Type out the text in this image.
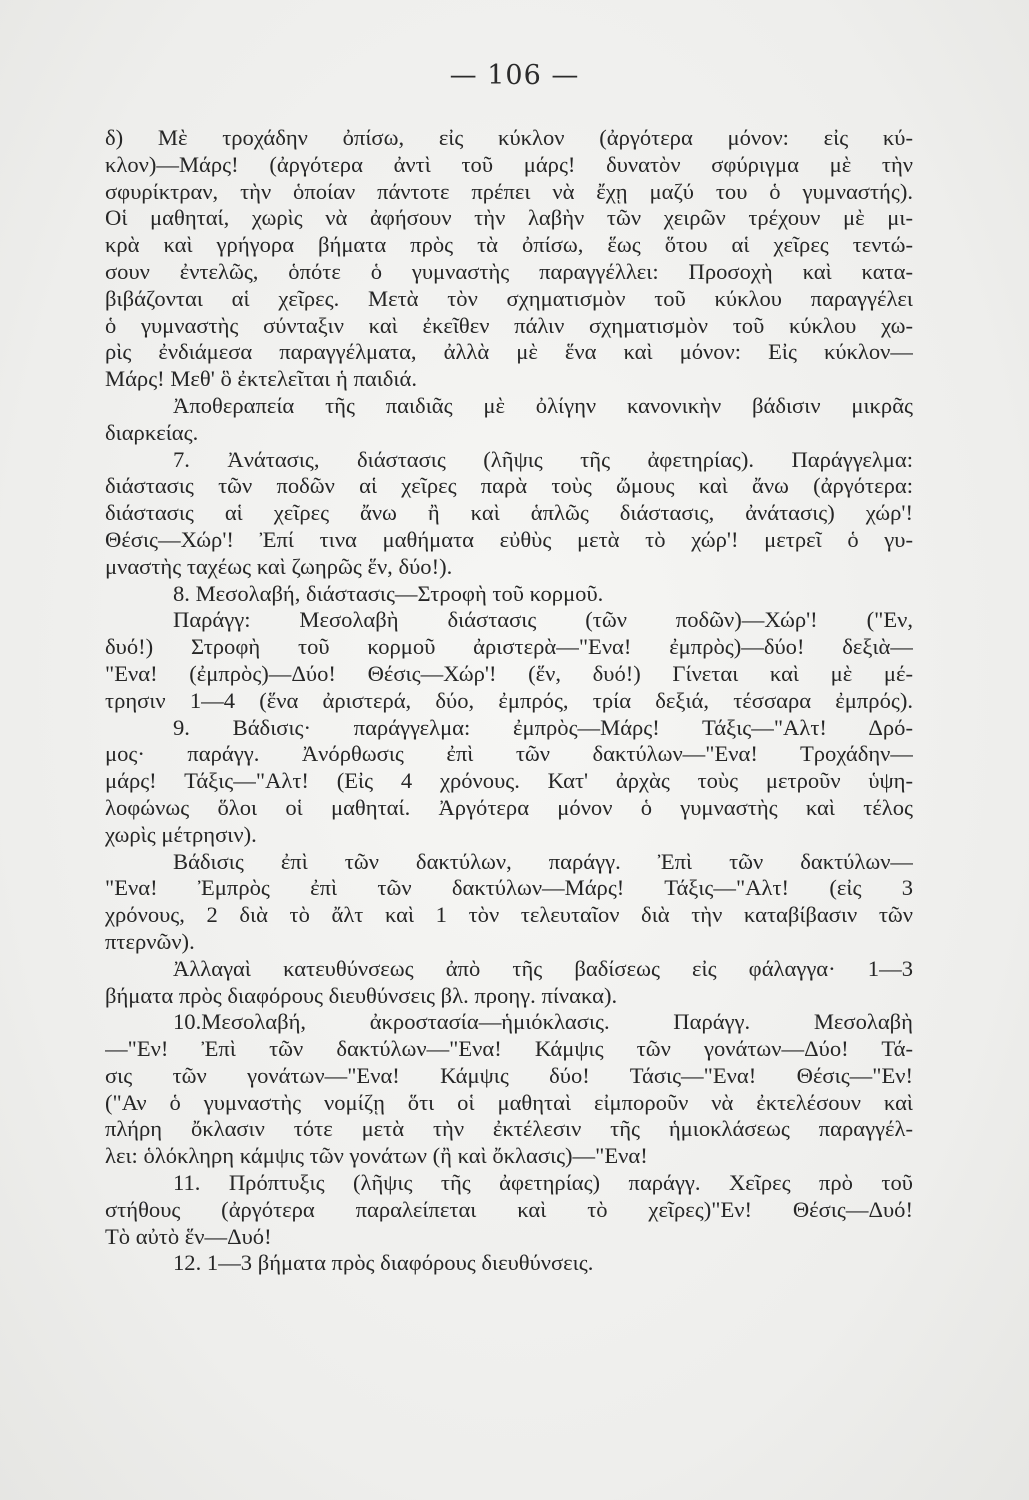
— 106 —
δ) Μὲ τροχάδην ὀπίσω, εἰς κύκλον (ἀργότερα μόνον: εἰς κύ-
κλον)—Μάρς! (ἀργότερα ἀντὶ τοῦ μάρς! δυνατὸν σφύριγμα μὲ τὴν
σφυρίκτραν, τὴν ὁποίαν πάντοτε πρέπει νὰ ἔχῃ μαζύ του ὁ γυμναστής).
Οἱ μαθηταί, χωρὶς νὰ ἀφήσουν τὴν λαβὴν τῶν χειρῶν τρέχουν μὲ μι-
κρὰ καὶ γρήγορα βήματα πρὸς τὰ ὀπίσω, ἕως ὅτου αἱ χεῖρες τεντώ-
σουν ἐντελῶς, ὁπότε ὁ γυμναστὴς παραγγέλλει: Προσοχὴ καὶ κατα-
βιβάζονται αἱ χεῖρες. Μετὰ τὸν σχηματισμὸν τοῦ κύκλου παραγγέλει
ὁ γυμναστὴς σύνταξιν καὶ ἐκεῖθεν πάλιν σχηματισμὸν τοῦ κύκλου χω-
ρὶς ἐνδιάμεσα παραγγέλματα, ἀλλὰ μὲ ἕνα καὶ μόνον: Εἰς κύκλον—
Μάρς! Μεθ' ὃ ἐκτελεῖται ἡ παιδιά.
Ἀποθεραπεία τῆς παιδιᾶς μὲ ὀλίγην κανονικὴν βάδισιν μικρᾶς
διαρκείας.
7. Ἀνάτασις, διάστασις (λῆψις τῆς ἀφετηρίας). Παράγγελμα:
διάστασις τῶν ποδῶν αἱ χεῖρες παρὰ τοὺς ὤμους καὶ ἄνω (ἀργότερα:
διάστασις αἱ χεῖρες ἄνω ἢ καὶ ἁπλῶς διάστασις, ἀνάτασις) χώρ'!
Θέσις—Χώρ'! Ἐπί τινα μαθήματα εὐθὺς μετὰ τὸ χώρ'! μετρεῖ ὁ γυ-
μναστὴς ταχέως καὶ ζωηρῶς ἕν, δύο!).
8. Μεσολαβή, διάστασις—Στροφὴ τοῦ κορμοῦ.
Παράγγ: Μεσολαβὴ διάστασις (τῶν ποδῶν)—Χώρ'! ("Εν,
δυό!) Στροφὴ τοῦ κορμοῦ ἀριστερὰ—"Ενα! ἐμπρὸς)—δύο! δεξιὰ—
"Ενα! (ἐμπρὸς)—Δύο! Θέσις—Χώρ'! (ἕν, δυό!) Γίνεται καὶ μὲ μέ-
τρησιν 1—4 (ἕνα ἀριστερά, δύο, ἐμπρός, τρία δεξιά, τέσσαρα ἐμπρός).
9. Βάδισις· παράγγελμα: ἐμπρὸς—Μάρς! Τάξις—"Αλτ! Δρό-
μος· παράγγ. Ἀνόρθωσις ἐπὶ τῶν δακτύλων—"Ενα! Τροχάδην—
μάρς! Τάξις—"Αλτ! (Εἰς 4 χρόνους. Κατ' ἀρχὰς τοὺς μετροῦν ὑψη-
λοφώνως ὅλοι οἱ μαθηταί. Ἀργότερα μόνον ὁ γυμναστὴς καὶ τέλος
χωρὶς μέτρησιν).
Βάδισις ἐπὶ τῶν δακτύλων, παράγγ. Ἐπὶ τῶν δακτύλων—
"Ενα! Ἐμπρὸς ἐπὶ τῶν δακτύλων—Μάρς! Τάξις—"Αλτ! (εἰς 3
χρόνους, 2 διὰ τὸ ἄλτ καὶ 1 τὸν τελευταῖον διὰ τὴν καταβίβασιν τῶν
πτερνῶν).
Ἀλλαγαὶ κατευθύνσεως ἀπὸ τῆς βαδίσεως εἰς φάλαγγα· 1—3
βήματα πρὸς διαφόρους διευθύνσεις βλ. προηγ. πίνακα).
10.Μεσολαβή, ἀκροστασία—ἡμιόκλασις. Παράγγ. Μεσολαβὴ
—"Εν! Ἐπὶ τῶν δακτύλων—"Ενα! Κάμψις τῶν γονάτων—Δύο! Τά-
σις τῶν γονάτων—"Ενα! Κάμψις δύο! Τάσις—"Ενα! Θέσις—"Εν!
("Αν ὁ γυμναστὴς νομίζῃ ὅτι οἱ μαθηταὶ εἰμποροῦν νὰ ἐκτελέσουν καὶ
πλήρη ὄκλασιν τότε μετὰ τὴν ἐκτέλεσιν τῆς ἡμιοκλάσεως παραγγέλ-
λει: ὁλόκληρη κάμψις τῶν γονάτων (ἢ καὶ ὄκλασις)—"Ενα!
11. Πρόπτυξις (λῆψις τῆς ἀφετηρίας) παράγγ. Χεῖρες πρὸ τοῦ
στήθους (ἀργότερα παραλείπεται καὶ τὸ χεῖρες)"Εν! Θέσις—Δυό!
Τὸ αὐτὸ ἕν—Δυό!
12. 1—3 βήματα πρὸς διαφόρους διευθύνσεις.
